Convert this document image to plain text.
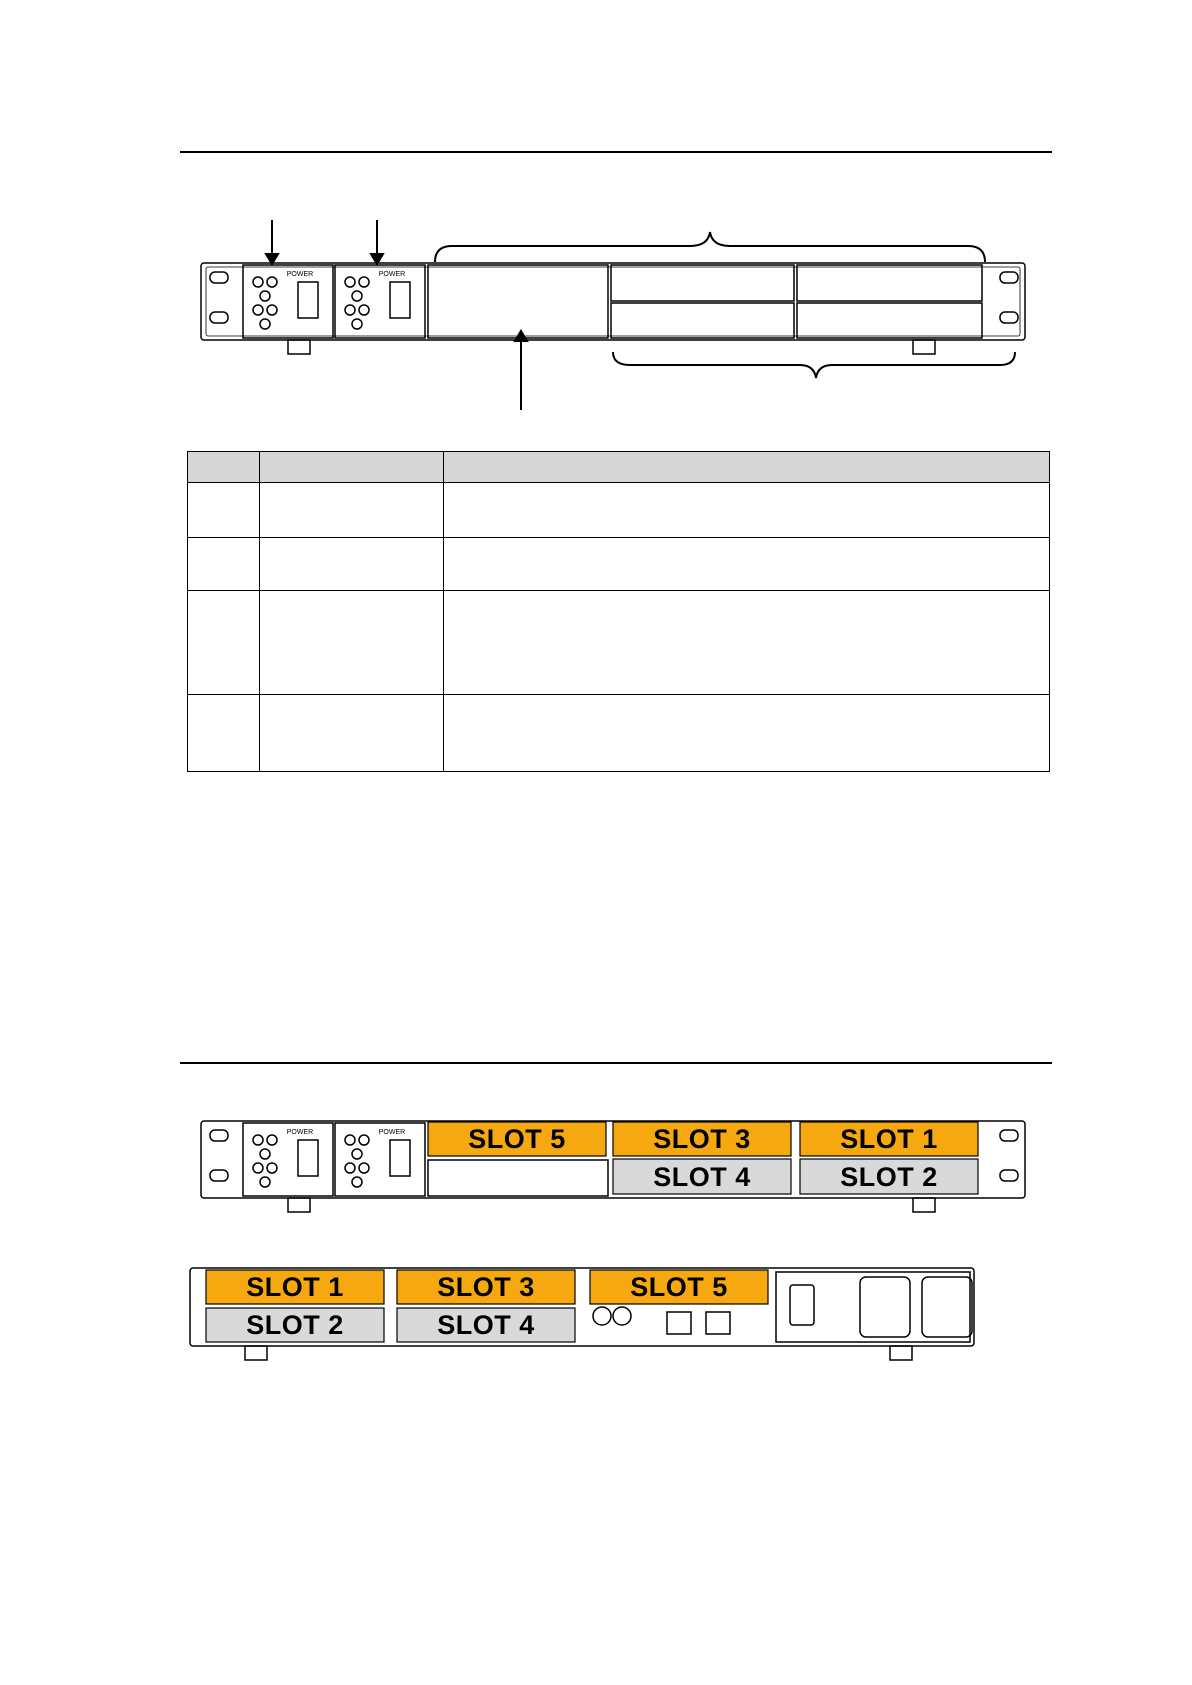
POWER	POWER

POWER	POWER SLOT 5	SLOT 3	SLOT 1
SLOT 4	SLOT 2
SLOT 1	SLOT 3	SLOT 5
SLOT 2	SLOT 4
